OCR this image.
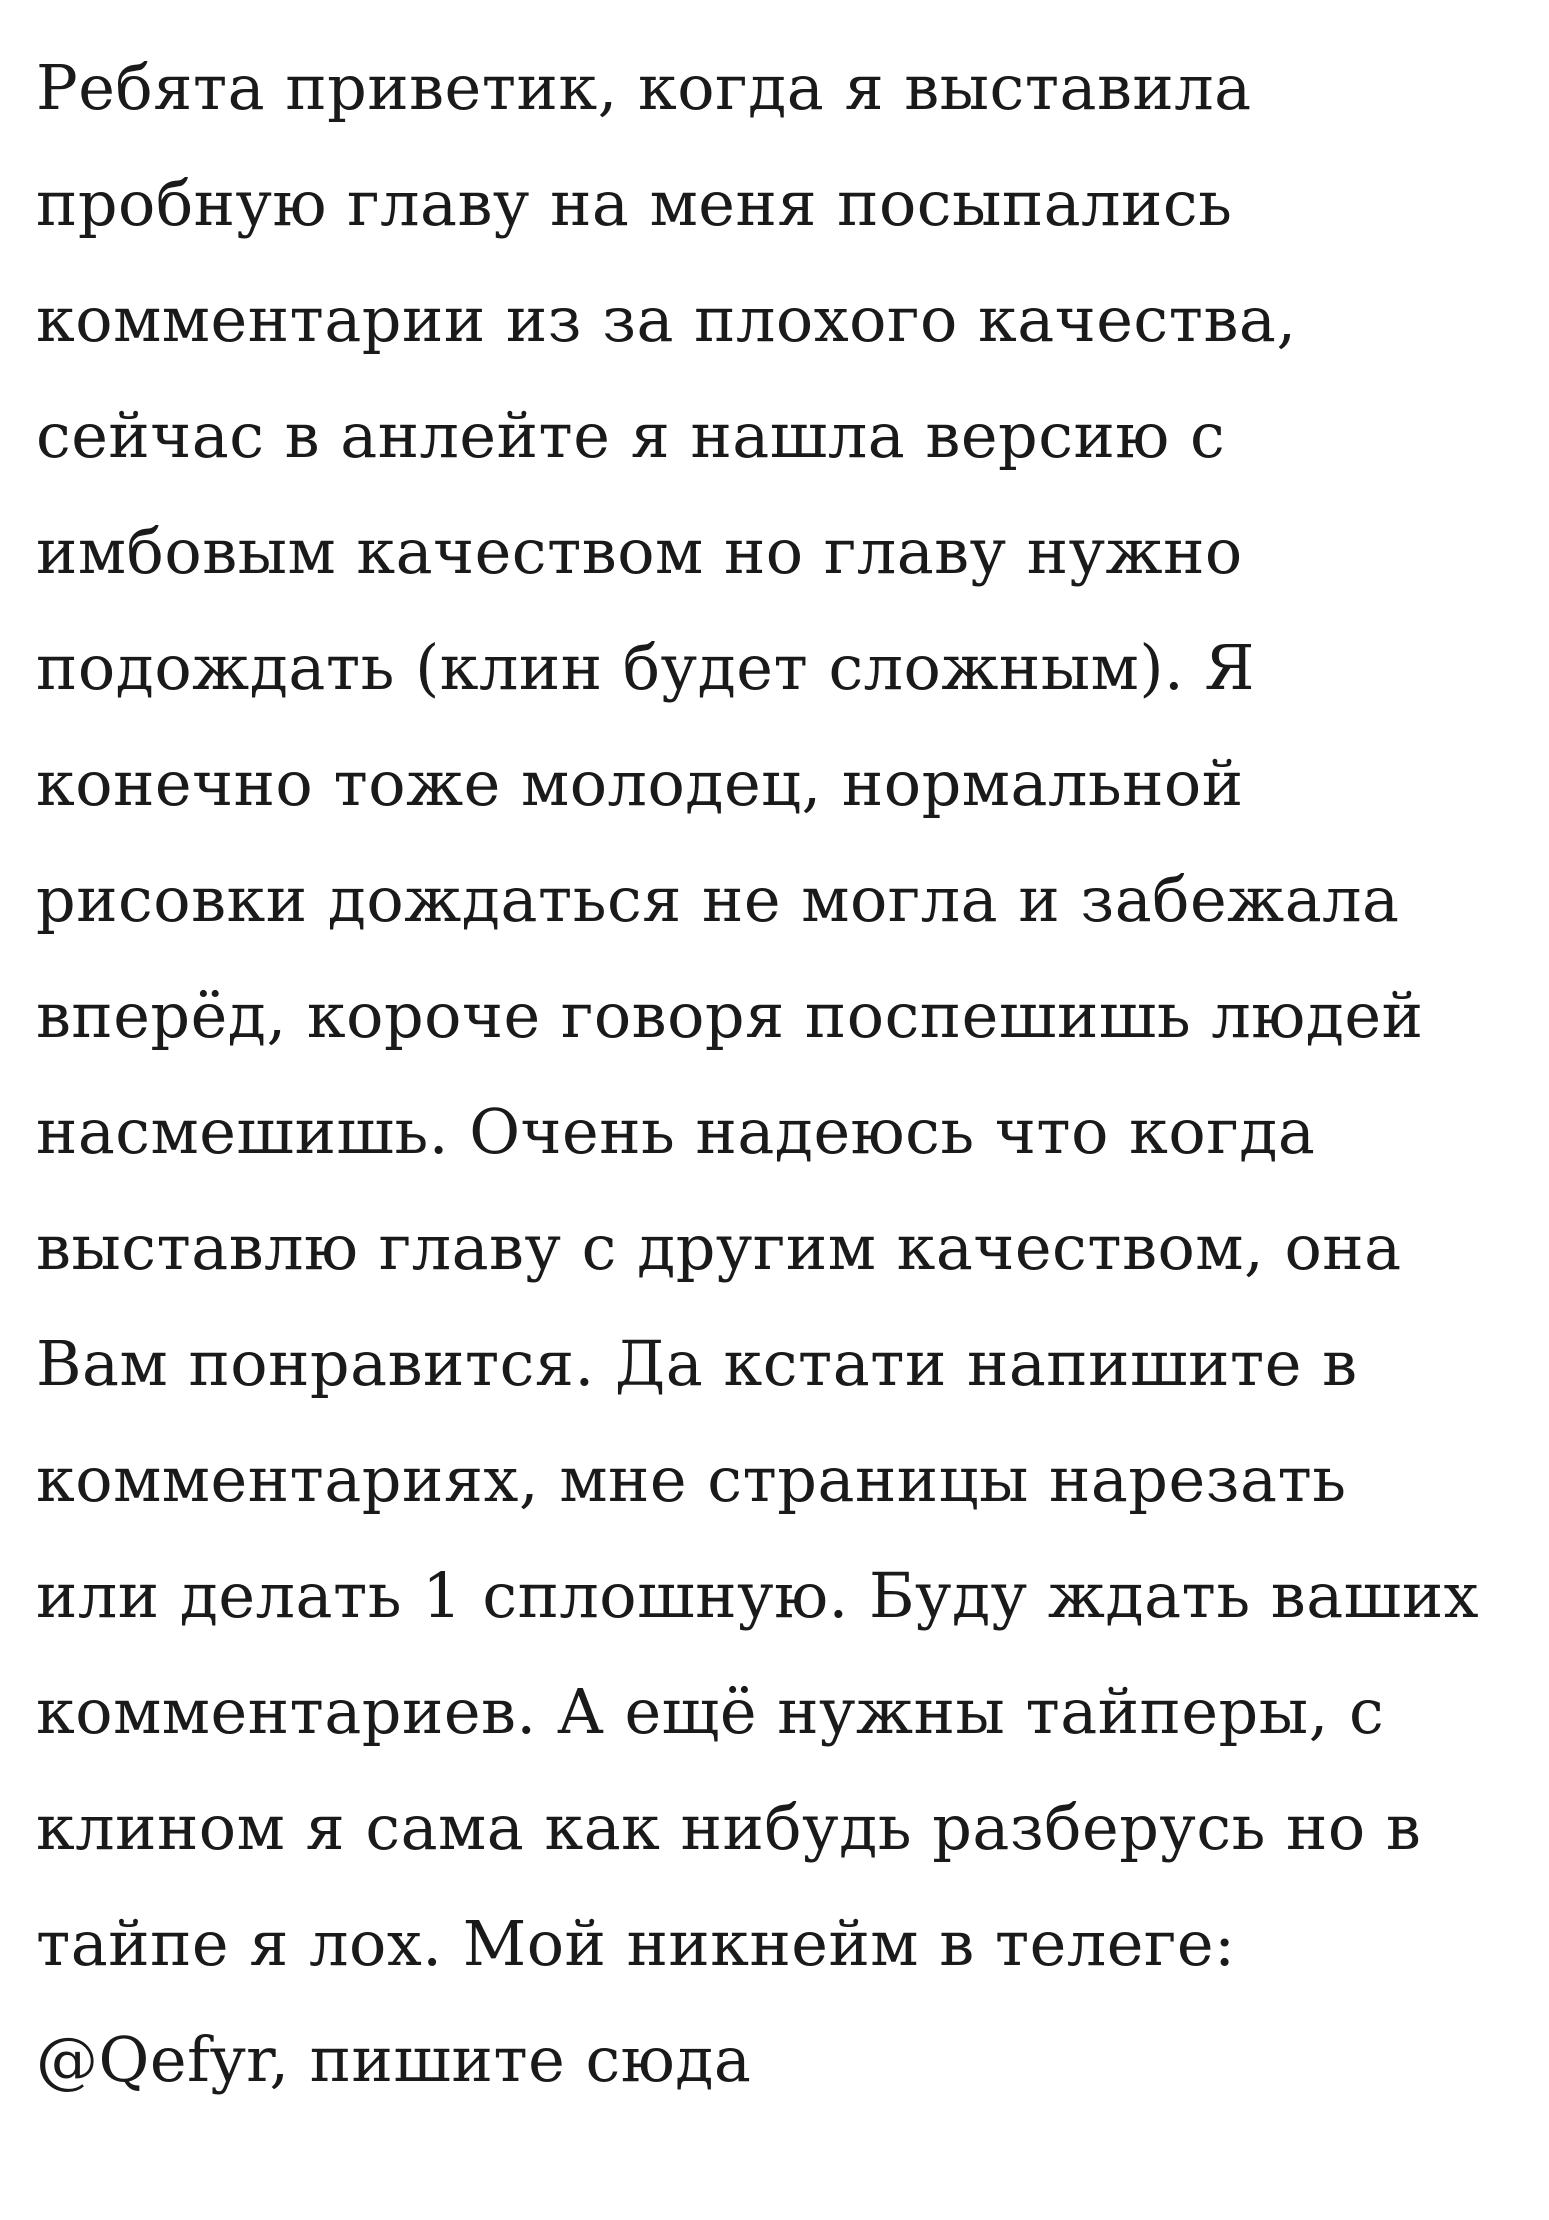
Ребята приветик, когда я выставила
пробную главу на меня посыпались
комментарии из за плохого качества,
сейчас в анлейте я нашла версию с
имбовым качеством но главу нужно
подождать (клин будет сложным). Я
конечно тоже молодец, нормальной
рисовки дождаться не могла и забежала
вперёд, короче говоря поспешишь людей
насмешишь. Очень надеюсь что когда
выставлю главу с другим качеством, она
Вам понравится. Да кстати напишите в
комментариях, мне страницы нарезать
или делать 1 сплошную. Буду ждать ваших
комментариев. А ещё нужны тайперы, с
клином я сама как нибудь разберусь но в
тайпе я лох. Мой никнейм в телеге:
@Qefyr, пишите сюда
